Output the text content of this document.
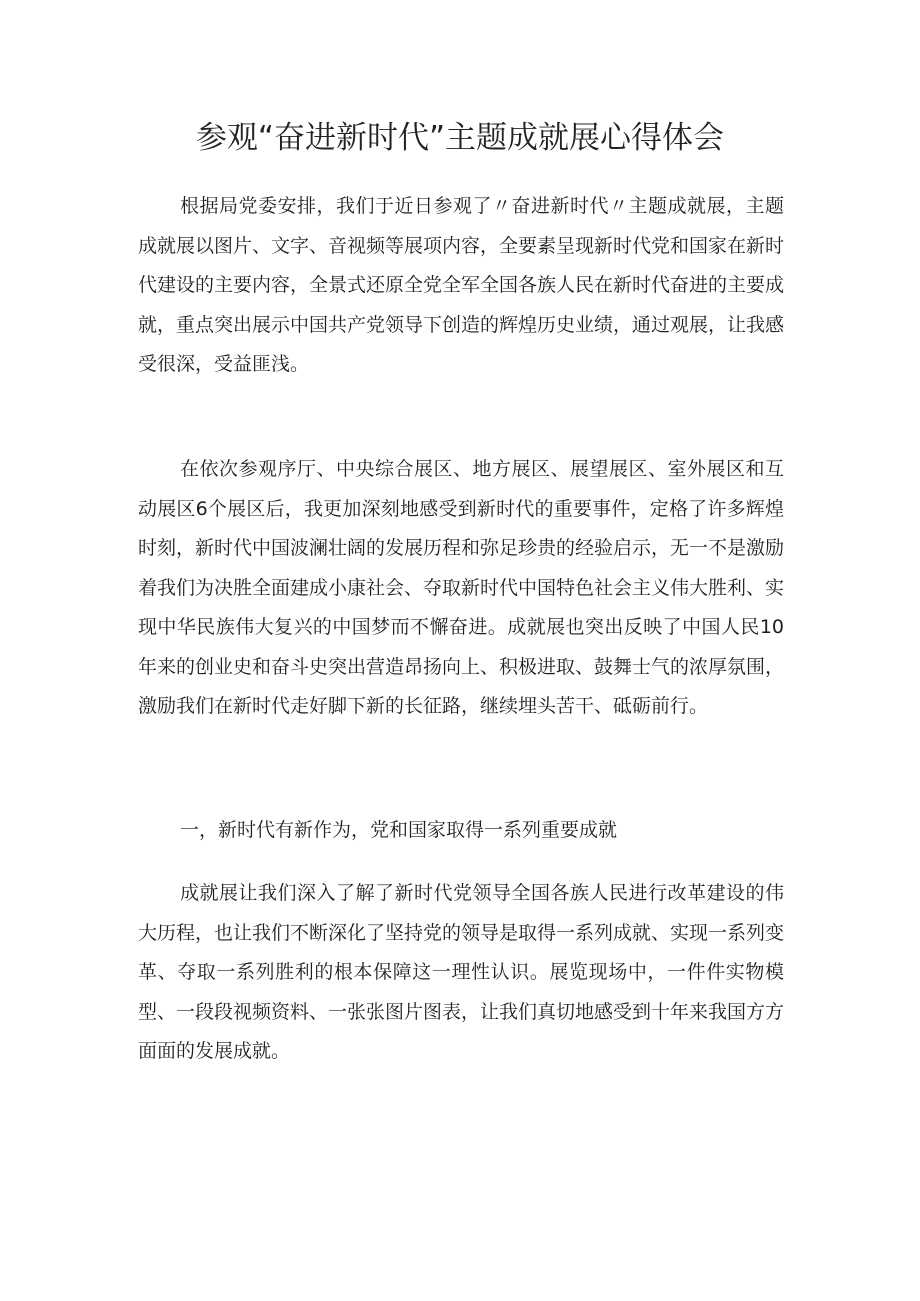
参观“奋进新时代”主题成就展心得体会

根据局党委安排，我们于近日参观了〃奋进新时代〃主题成就展，主题成就展以图片、文字、音视频等展项内容，全要素呈现新时代党和国家在新时代建设的主要内容，全景式还原全党全军全国各族人民在新时代奋进的主要成就，重点突出展示中国共产党领导下创造的辉煌历史业绩，通过观展，让我感受很深，受益匪浅。

在依次参观序厅、中央综合展区、地方展区、展望展区、室外展区和互动展区6个展区后，我更加深刻地感受到新时代的重要事件，定格了许多辉煌时刻，新时代中国波澜壮阔的发展历程和弥足珍贵的经验启示，无一不是激励着我们为决胜全面建成小康社会、夺取新时代中国特色社会主义伟大胜利、实现中华民族伟大复兴的中国梦而不懈奋进。成就展也突出反映了中国人民10年来的创业史和奋斗史突出营造昂扬向上、积极进取、鼓舞士气的浓厚氛围，激励我们在新时代走好脚下新的长征路，继续埋头苦干、砥砺前行。

一，新时代有新作为，党和国家取得一系列重要成就

成就展让我们深入了解了新时代党领导全国各族人民进行改革建设的伟大历程，也让我们不断深化了坚持党的领导是取得一系列成就、实现一系列变革、夺取一系列胜利的根本保障这一理性认识。展览现场中，一件件实物模型、一段段视频资料、一张张图片图表，让我们真切地感受到十年来我国方方面面的发展成就。
